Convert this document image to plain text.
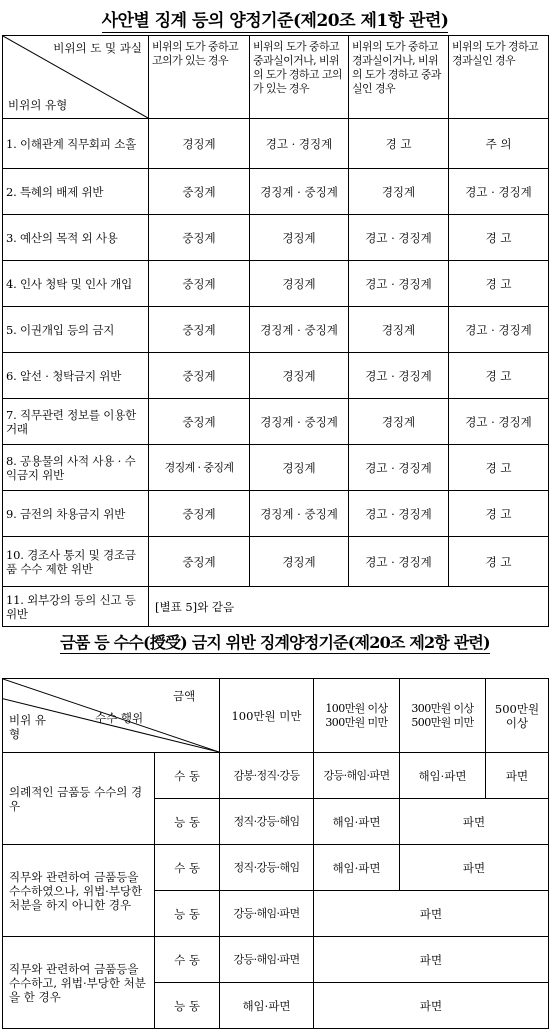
사안별 징계 등의 양정기준(제20조 제1항 관련)
비위의 도 및 과실
비위의 유형	비위의 도가 중하고 고의가 있는 경우	비위의 도가 중하고 중과실이거나, 비위의 도가 경하고 고의가 있는 경우	비위의 도가 중하고 경과실이거나, 비위의 도가 경하고 중과실인 경우	비위의 도가 경하고 경과실인 경우
1. 이해관계 직무회피 소홀	경징계	경고 · 경징계	경 고	주 의
2. 특혜의 배제 위반	중징계	경징계 · 중징계	경징계	경고 · 경징계
3. 예산의 목적 외 사용	중징계	경징계	경고 · 경징계	경 고
4. 인사 청탁 및 인사 개입	중징계	경징계	경고 · 경징계	경 고
5. 이권개입 등의 금지	중징계	경징계 · 중징계	경징계	경고 · 경징계
6. 알선 · 청탁금지 위반	중징계	경징계	경고 · 경징계	경 고
7. 직무관련 정보를 이용한 거래	중징계	경징계 · 중징계	경징계	경고 · 경징계
8. 공용물의 사적 사용 · 수익금지 위반	경징계 · 중징계	경징계	경고 · 경징계	경 고
9. 금전의 차용금지 위반	중징계	경징계 · 중징계	경고 · 경징계	경 고
10. 경조사 통지 및 경조금품 수수 제한 위반	중징계	경징계	경고 · 경징계	경 고
11. 외부강의 등의 신고 등 위반	[별표 5]와 같음			
금품 등 수수(授受) 금지 위반 징계양정기준(제20조 제2항 관련)
금액
수수 행위
비위 유형		100만원 미만	100만원 이상 300만원 미만	300만원 이상 500만원 미만	500만원 이상
의례적인 금품등 수수의 경우	수 동	감봉·정직·강등	강등·해임·파면	해임·파면	파면
	능 동	정직·강등·해임	해임·파면	파면	
직무와 관련하여 금품등을 수수하였으나, 위법·부당한 처분을 하지 아니한 경우	수 동	정직·강등·해임	해임·파면	파면	
	능 동	강등·해임·파면	파면		
직무와 관련하여 금품등을 수수하고, 위법·부당한 처분을 한 경우	수 동	강등·해임·파면	파면		
	능 동	해임·파면	파면		
